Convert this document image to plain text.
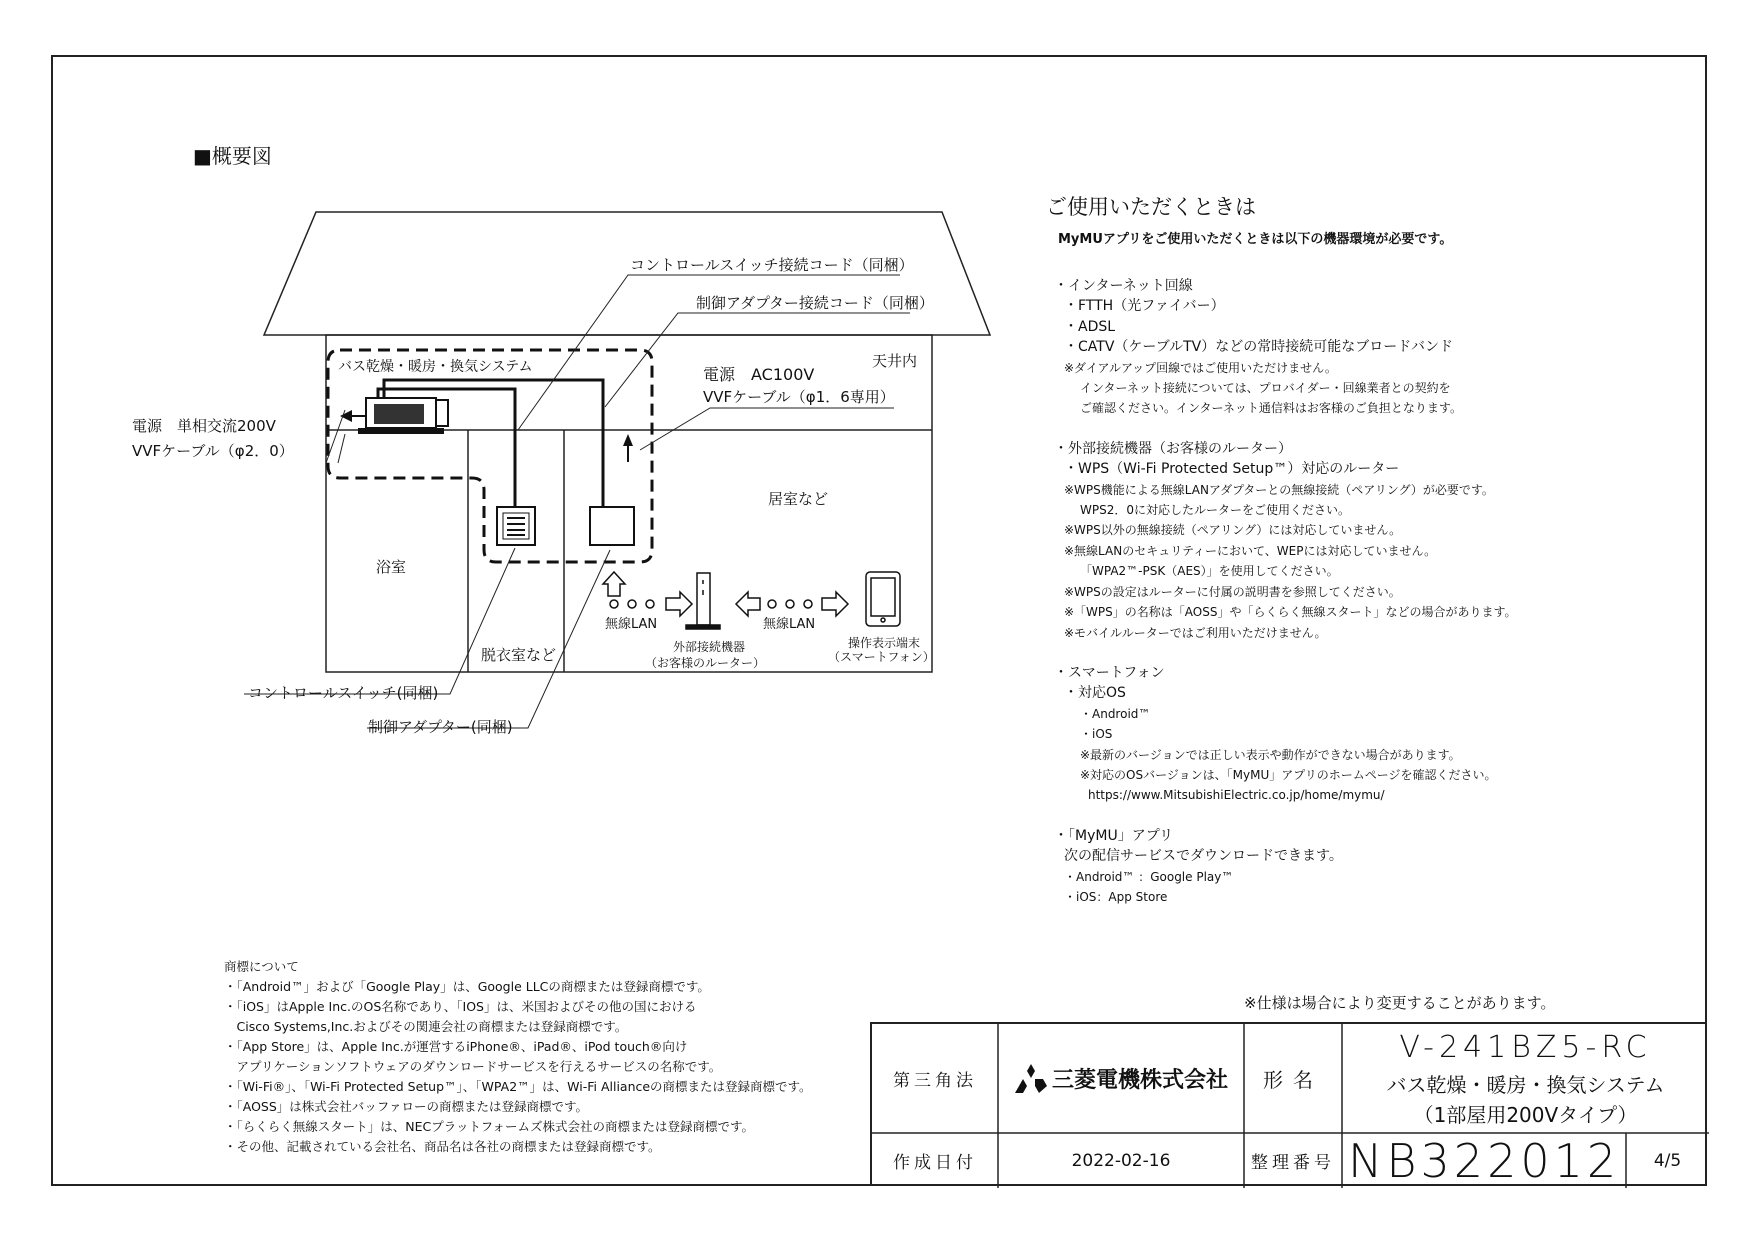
■概要図
コントロールスイッチ接続コード（同梱）
制御アダプター接続コード（同梱）
バス乾燥・暖房・換気システム	天井内
電源　AC100V
VVFケーブル（φ1．6専用）
電源　単相交流200V
VVFケーブル（φ2．0）
居室など
浴室
脱衣室など
無線LAN	無線LAN
外部接続機器
（お客様のルーター）
操作表示端末
（スマートフォン）
コントロールスイッチ(同梱)
制御アダプター(同梱)
ご使用いただくときは
MyMUアプリをご使用いただくときは以下の機器環境が必要です。
・インターネット回線
・FTTH（光ファイバー）
・ADSL
・CATV（ケーブルTV）などの常時接続可能なブロードバンド
※ダイアルアップ回線ではご使用いただけません。
インターネット接続については、プロバイダー・回線業者との契約を
ご確認ください。インターネット通信料はお客様のご負担となります。
・外部接続機器（お客様のルーター）
・WPS（Wi-Fi Protected Setup™）対応のルーター
※WPS機能による無線LANアダプターとの無線接続（ペアリング）が必要です。
WPS2．0に対応したルーターをご使用ください。
※WPS以外の無線接続（ペアリング）には対応していません。
※無線LANのセキュリティーにおいて、WEPには対応していません。
「WPA2™-PSK（AES）」を使用してください。
※WPSの設定はルーターに付属の説明書を参照してください。
※「WPS」の名称は「AOSS」や「らくらく無線スタート」などの場合があります。
※モバイルルーターではご利用いただけません。
・スマートフォン
・対応OS
・Android™
・iOS
※最新のバージョンでは正しい表示や動作ができない場合があります。
※対応のOSバージョンは、「MyMU」アプリのホームページを確認ください。
https://www.MitsubishiElectric.co.jp/home/mymu/
・「MyMU」アプリ
次の配信サービスでダウンロードできます。
・Android™ ：Google Play™
・iOS：App Store
商標について
・「Android™」および「Google Play」は、Google LLCの商標または登録商標です。
・「iOS」はApple Inc.のOS名称であり、「IOS」は、米国およびその他の国における
　Cisco Systems,Inc.およびその関連会社の商標または登録商標です。
・「App Store」は、Apple Inc.が運営するiPhone®、iPad®、iPod touch®向け
　アプリケーションソフトウェアのダウンロードサービスを行えるサービスの名称です。
・「Wi-Fi®」、「Wi-Fi Protected Setup™」、「WPA2™」は、Wi-Fi Allianceの商標または登録商標です。
・「AOSS」は株式会社バッファローの商標または登録商標です。
・「らくらく無線スタート」は、NECプラットフォームズ株式会社の商標または登録商標です。
・その他、記載されている会社名、商品名は各社の商標または登録商標です。
※仕様は場合により変更することがあります。
第三角法	三菱電機株式会社	形名
V-241BZ5-RC
バス乾燥・暖房・換気システム
（1部屋用200Vタイプ）
作成日付	2022-02-16	整理番号 NB322012	4/5
